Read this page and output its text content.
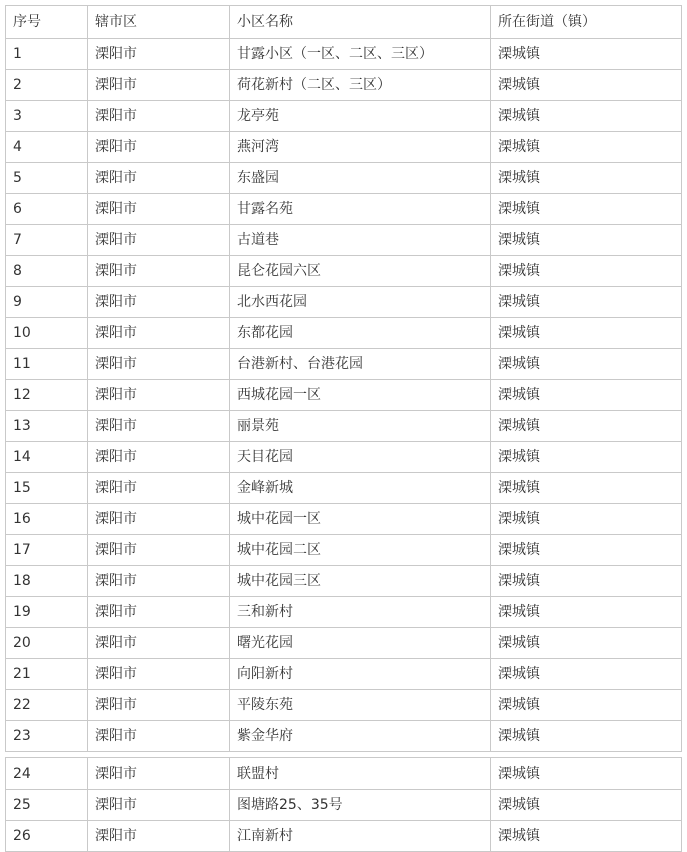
序号	辖市区	小区名称	所在街道（镇）
1	溧阳市	甘露小区（一区、二区、三区）	溧城镇
2	溧阳市	荷花新村（二区、三区）	溧城镇
3	溧阳市	龙亭苑	溧城镇
4	溧阳市	燕河湾	溧城镇
5	溧阳市	东盛园	溧城镇
6	溧阳市	甘露名苑	溧城镇
7	溧阳市	古道巷	溧城镇
8	溧阳市	昆仑花园六区	溧城镇
9	溧阳市	北水西花园	溧城镇
10	溧阳市	东都花园	溧城镇
11	溧阳市	台港新村、台港花园	溧城镇
12	溧阳市	西城花园一区	溧城镇
13	溧阳市	丽景苑	溧城镇
14	溧阳市	天目花园	溧城镇
15	溧阳市	金峰新城	溧城镇
16	溧阳市	城中花园一区	溧城镇
17	溧阳市	城中花园二区	溧城镇
18	溧阳市	城中花园三区	溧城镇
19	溧阳市	三和新村	溧城镇
20	溧阳市	曙光花园	溧城镇
21	溧阳市	向阳新村	溧城镇
22	溧阳市	平陵东苑	溧城镇
23	溧阳市	紫金华府	溧城镇
24	溧阳市	联盟村	溧城镇
25	溧阳市	图塘路25、35号	溧城镇
26	溧阳市	江南新村	溧城镇
